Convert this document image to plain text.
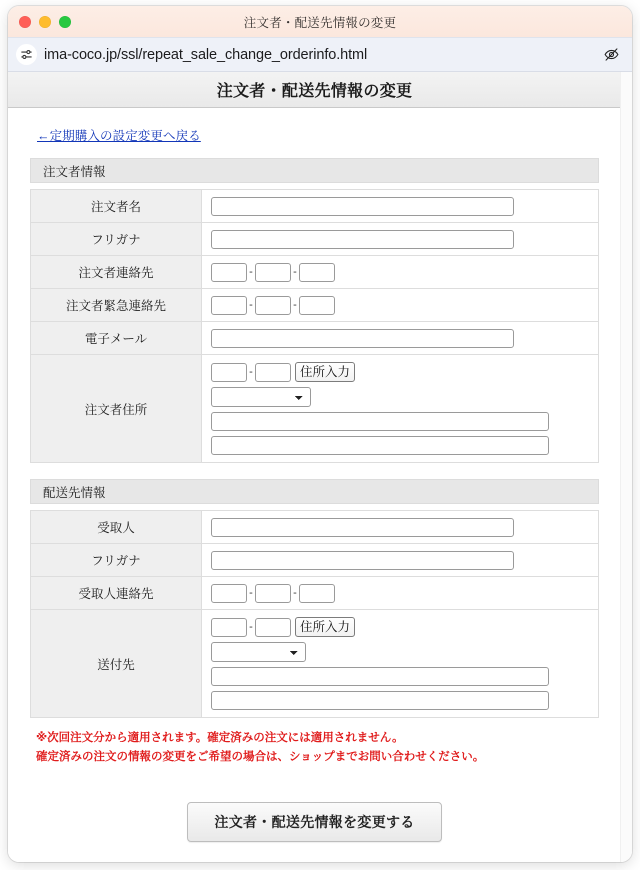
注文者・配送先情報の変更
ima-coco.jp/ssl/repeat_sale_change_orderinfo.html
注文者・配送先情報の変更
←定期購入の設定変更へ戻る
注文者情報
注文者名	
フリガナ	
注文者連絡先	- -

注文者緊急連絡先	- -

電子メール	
注文者住所	- 住所入力
配送先情報
受取人	
フリガナ	
受取人連絡先	- -

送付先	- 住所入力
※次回注文分から適用されます。確定済みの注文には適用されません。
確定済みの注文の情報の変更をご希望の場合は、ショップまでお問い合わせください。
注文者・配送先情報を変更する
